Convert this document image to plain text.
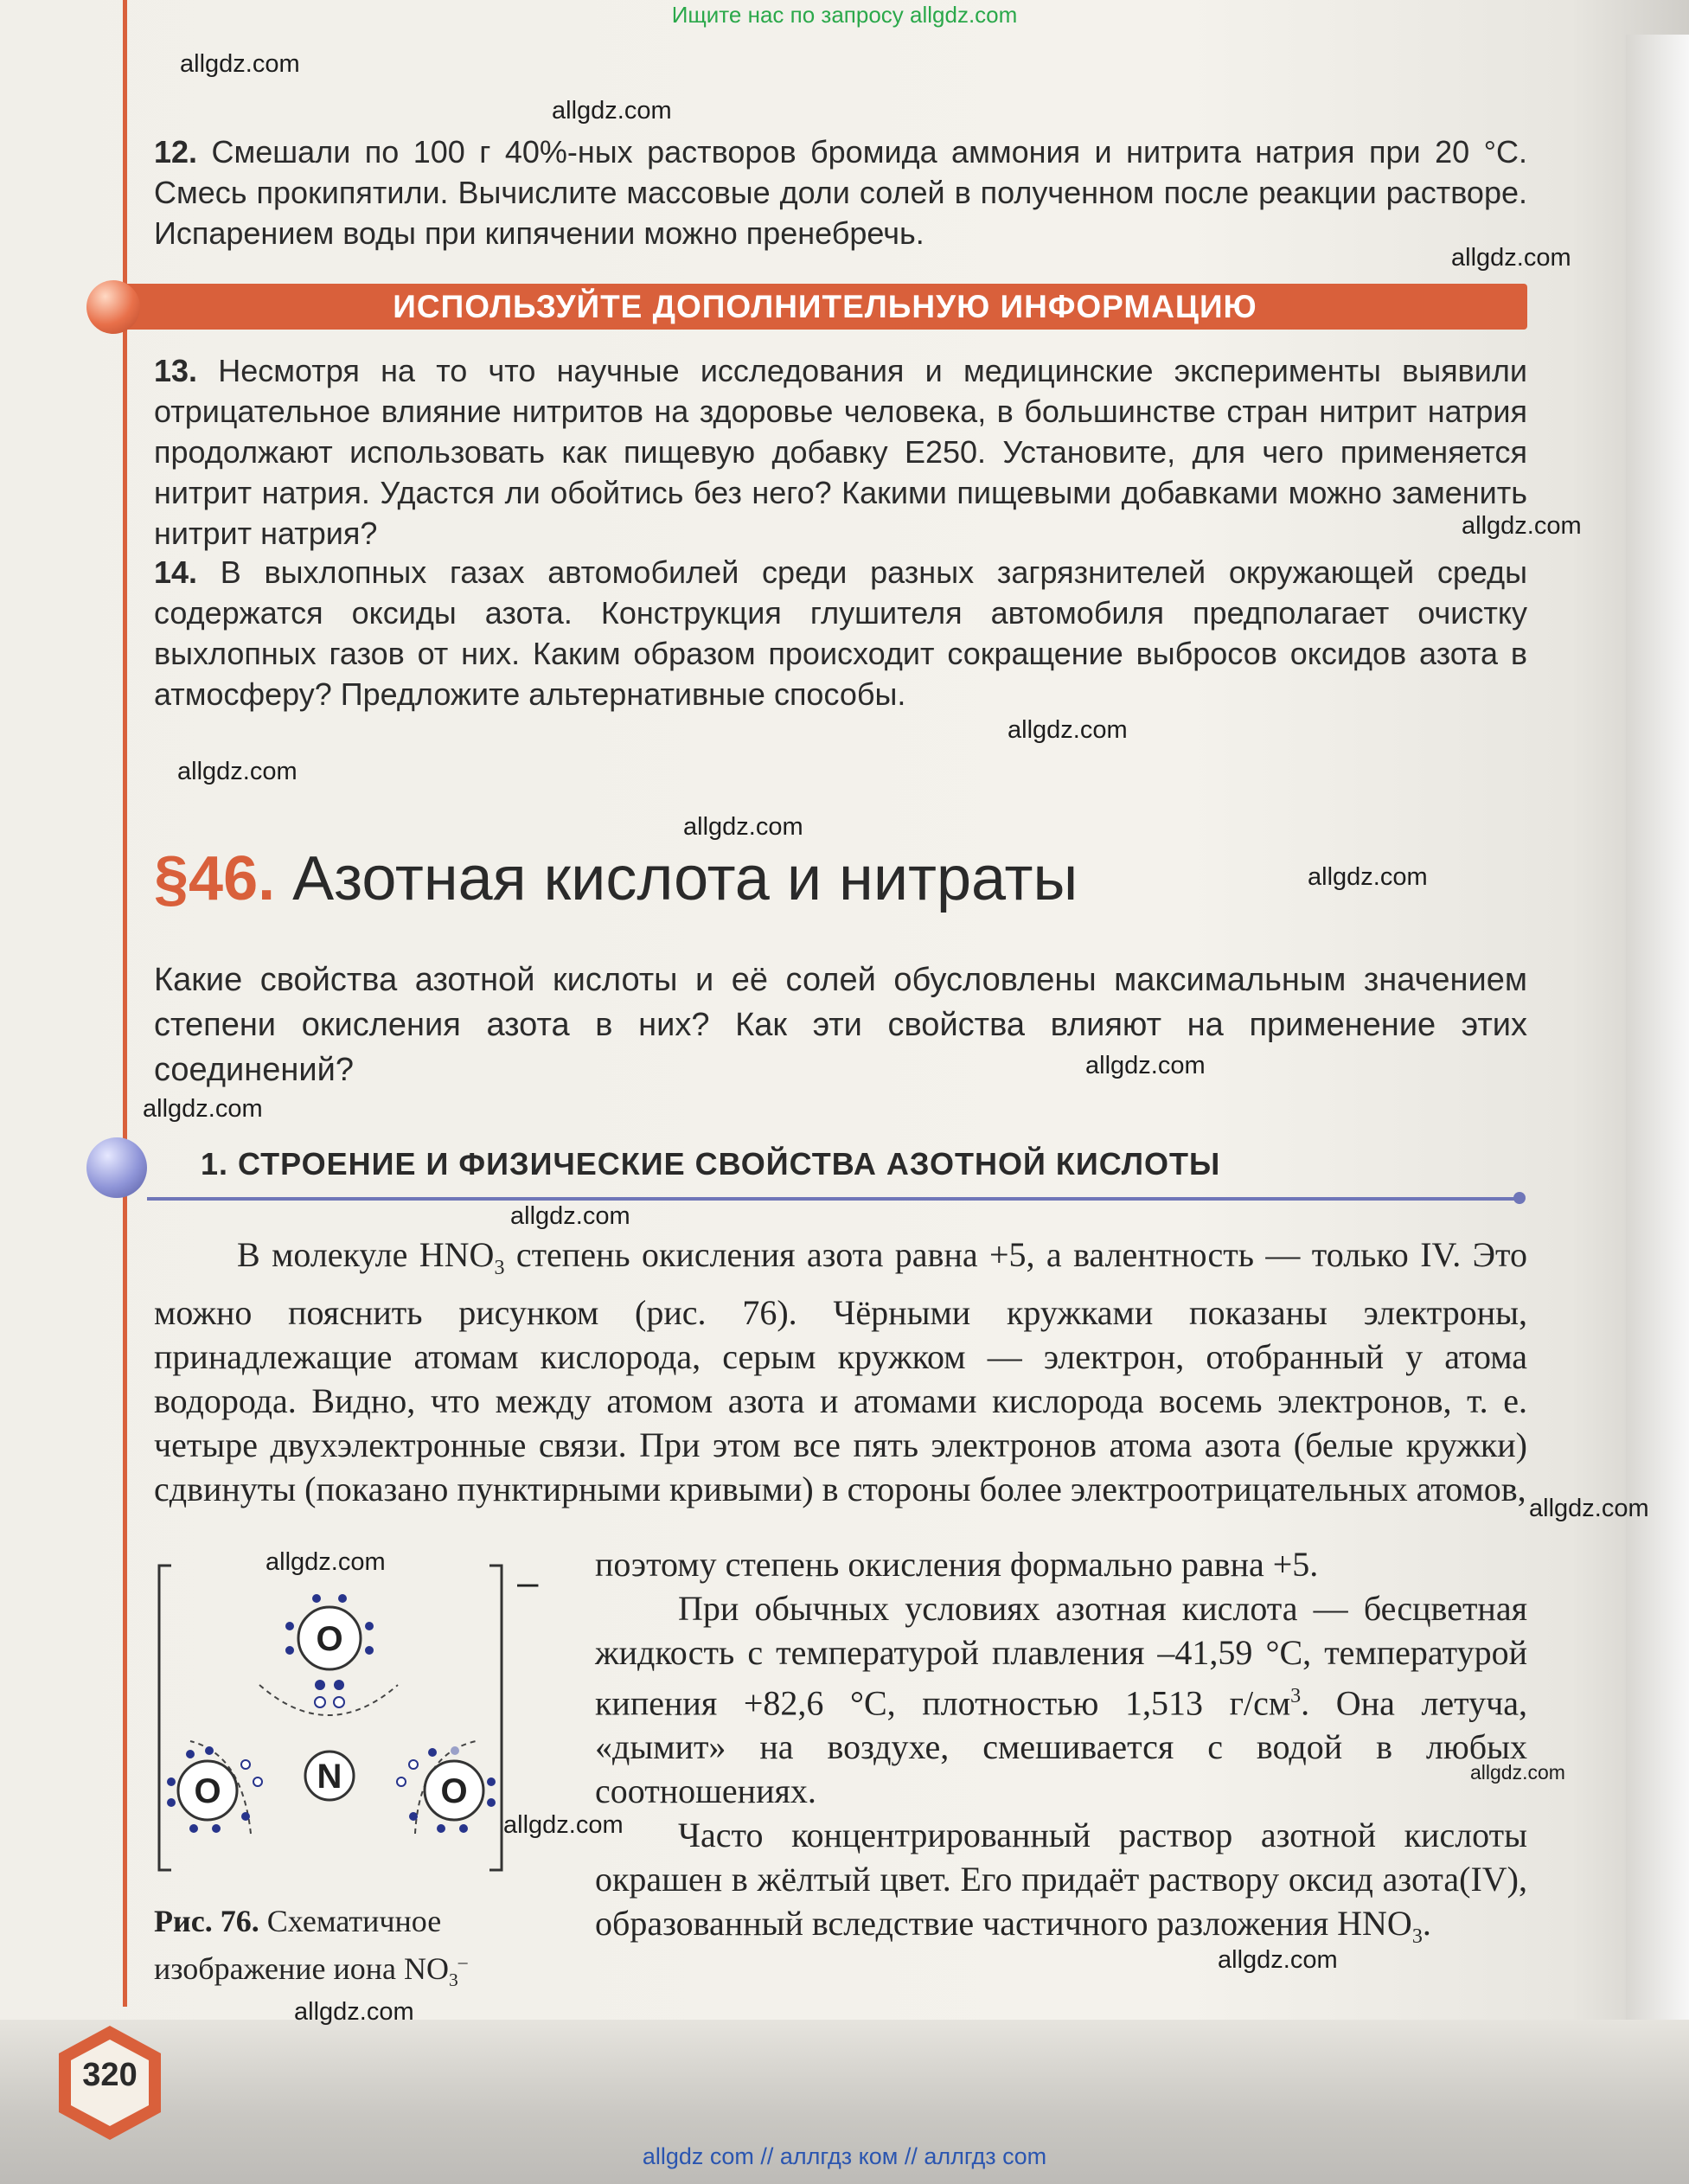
Ищите нас по запросу allgdz.com
allgdz.com
allgdz.com
allgdz.com
allgdz.com
allgdz.com
allgdz.com
allgdz.com
allgdz.com
allgdz.com
allgdz.com
allgdz.com
allgdz.com
allgdz.com
allgdz.com
allgdz.com
allgdz.com
allgdz.com
12. Смешали по 100 г 40%-ных растворов бромида аммония и нитрита натрия при 20 °С. Смесь прокипятили. Вычислите массовые доли солей в полученном после реакции растворе. Испарением воды при кипячении можно пренебречь.
ИСПОЛЬЗУЙТЕ ДОПОЛНИТЕЛЬНУЮ ИНФОРМАЦИЮ
13. Несмотря на то что научные исследования и медицинские эксперименты выявили отрицательное влияние нитритов на здоровье человека, в большинстве стран нитрит натрия продолжают использовать как пищевую добавку Е250. Установите, для чего применяется нитрит натрия. Удастся ли обойтись без него? Какими пищевыми добавками можно заменить нитрит натрия?
14. В выхлопных газах автомобилей среди разных загрязнителей окружающей среды содержатся оксиды азота. Конструкция глушителя автомобиля предполагает очистку выхлопных газов от них. Каким образом происходит сокращение выбросов оксидов азота в атмосферу? Предложите альтернативные способы.
§46. Азотная кислота и нитраты
Какие свойства азотной кислоты и её солей обусловлены максимальным значением степени окисления азота в них? Как эти свойства влияют на применение этих соединений?
1. СТРОЕНИЕ И ФИЗИЧЕСКИЕ СВОЙСТВА АЗОТНОЙ КИСЛОТЫ
В молекуле $HNO_3$ степень окисления азота равна +5, а валентность — только IV. Это можно пояснить рисунком (рис. 76). Чёрными кружками показаны электроны, принадлежащие атомам кислорода, серым кружком — электрон, отобранный у атома водорода. Видно, что между атомом азота и атомами кислорода восемь электронов, т. е. четыре двухэлектронные связи. При этом все пять электронов атома азота (белые кружки) сдвинуты (показано пунктирными кривыми) в стороны более электроотрицательных атомов,
поэтому степень окисления формально равна +5.
При обычных условиях азотная кислота — бесцветная жидкость с температурой плавления –41,59 °С, температурой кипения +82,6 °С, плотностью 1,513 $г/см^3$. Она летуча, «дымит» на воздухе, смешивается с водой в любых соотношениях.
Часто концентрированный раствор азотной кислоты окрашен в жёлтый цвет. Его придаёт раствору оксид азота(IV), образованный вследствие частичного разложения $HNO_3$.
–
O
N
O	O
Рис. 76. Схематичное изображение иона $NO_3^-$
320
allgdz com // аллгдз ком // аллгдз com
